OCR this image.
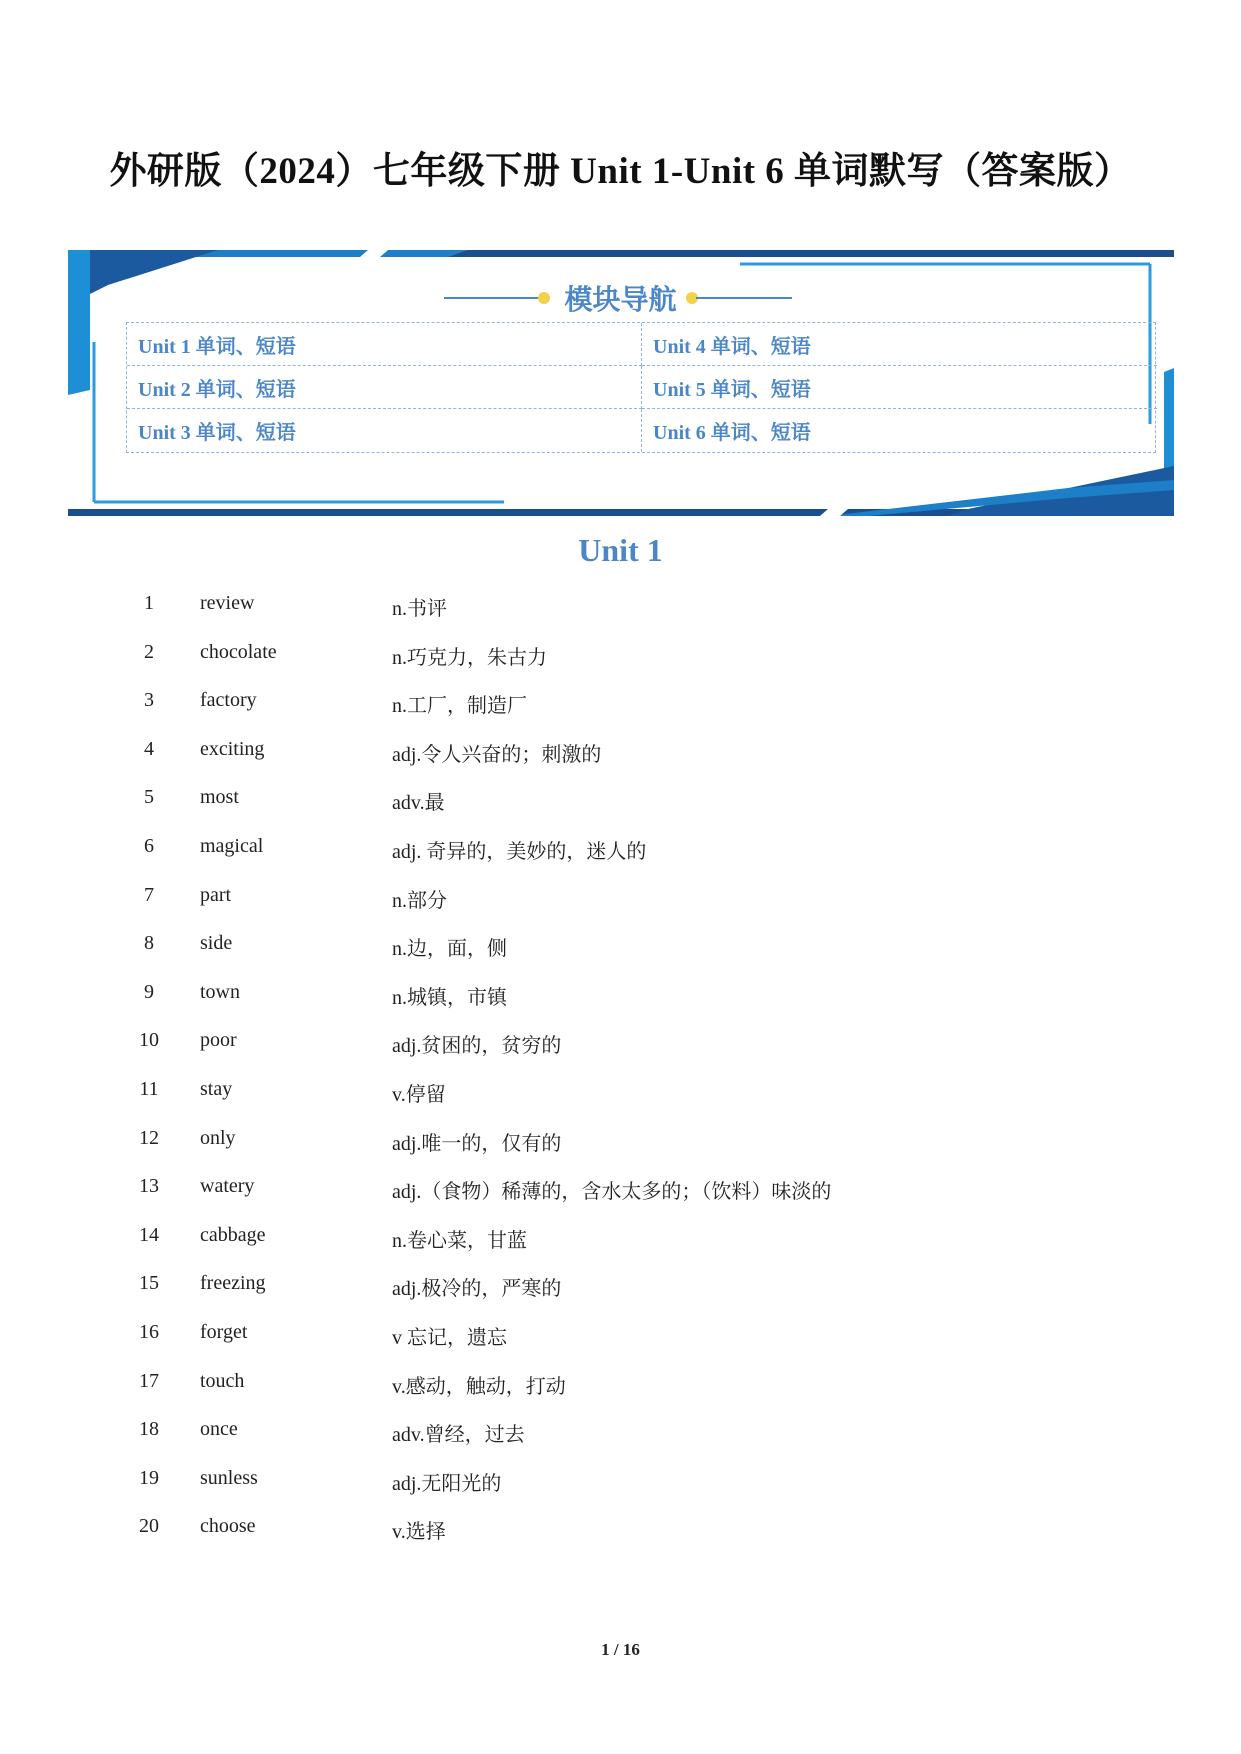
外研版（2024）七年级下册 Unit 1-Unit 6 单词默写（答案版）
模块导航
Unit 1 单词、短语	Unit 4 单词、短语
Unit 2 单词、短语	Unit 5 单词、短语
Unit 3 单词、短语	Unit 6 单词、短语
Unit 1
1	review	n.书评
2	chocolate	n.巧克力，朱古力
3	factory	n.工厂，制造厂
4	exciting	adj.令人兴奋的；刺激的
5	most	adv.最
6	magical	adj. 奇异的，美妙的，迷人的
7	part	n.部分
8	side	n.边，面，侧
9	town	n.城镇，市镇
10	poor	adj.贫困的，贫穷的
11	stay	v.停留
12	only	adj.唯一的，仅有的
13	watery	adj.（食物）稀薄的，含水太多的；（饮料）味淡的
14	cabbage	n.卷心菜，甘蓝
15	freezing	adj.极冷的，严寒的
16	forget	v 忘记，遗忘
17	touch	v.感动，触动，打动
18	once	adv.曾经，过去
19	sunless	adj.无阳光的
20	choose	v.选择
1 / 16
